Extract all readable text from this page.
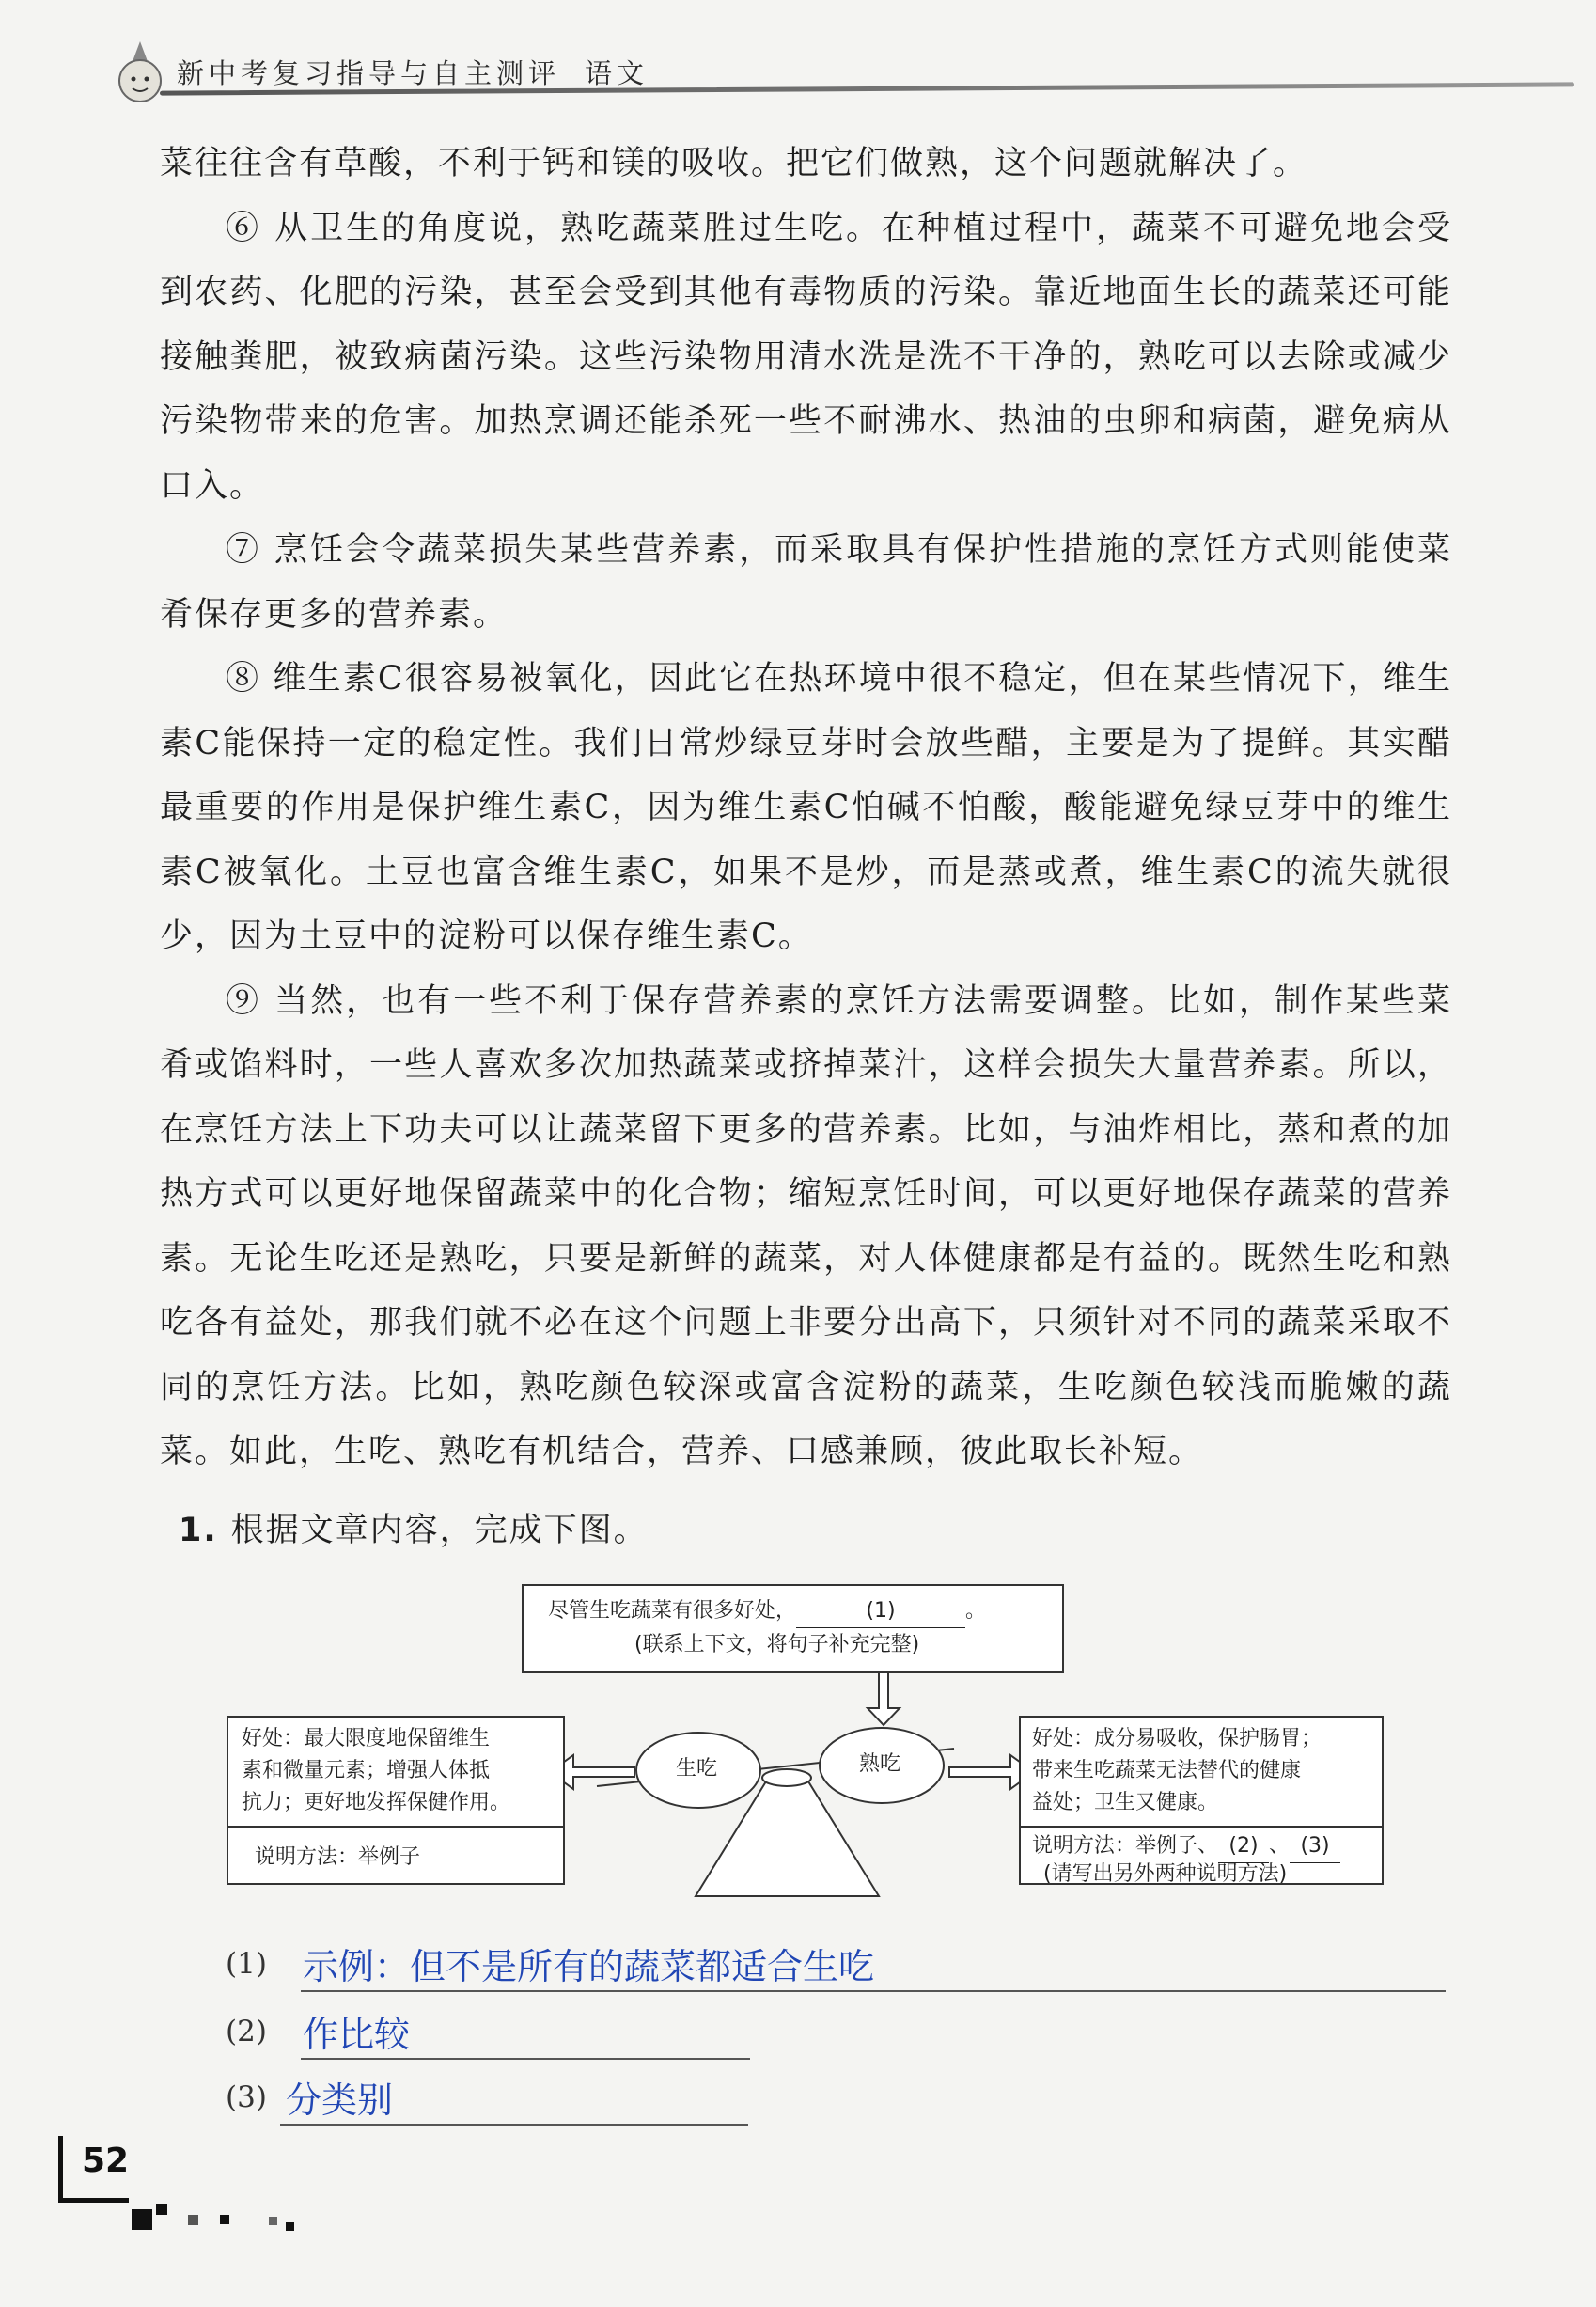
新中考复习指导与自主测评 语文

菜往往含有草酸，不利于钙和镁的吸收。把它们做熟，这个问题就解决了。

⑥ 从卫生的角度说，熟吃蔬菜胜过生吃。在种植过程中，蔬菜不可避免地会受到农药、化肥的污染，甚至会受到其他有毒物质的污染。靠近地面生长的蔬菜还可能接触粪肥，被致病菌污染。这些污染物用清水洗是洗不干净的，熟吃可以去除或减少污染物带来的危害。加热烹调还能杀死一些不耐沸水、热油的虫卵和病菌，避免病从口入。

⑦ 烹饪会令蔬菜损失某些营养素，而采取具有保护性措施的烹饪方式则能使菜肴保存更多的营养素。

⑧ 维生素C很容易被氧化，因此它在热环境中很不稳定，但在某些情况下，维生素C能保持一定的稳定性。我们日常炒绿豆芽时会放些醋，主要是为了提鲜。其实醋最重要的作用是保护维生素C，因为维生素C怕碱不怕酸，酸能避免绿豆芽中的维生素C被氧化。土豆也富含维生素C，如果不是炒，而是蒸或煮，维生素C的流失就很少，因为土豆中的淀粉可以保存维生素C。

⑨ 当然，也有一些不利于保存营养素的烹饪方法需要调整。比如，制作某些菜肴或馅料时，一些人喜欢多次加热蔬菜或挤掉菜汁，这样会损失大量营养素。所以，在烹饪方法上下功夫可以让蔬菜留下更多的营养素。比如，与油炸相比，蒸和煮的加热方式可以更好地保留蔬菜中的化合物；缩短烹饪时间，可以更好地保存蔬菜的营养素。无论生吃还是熟吃，只要是新鲜的蔬菜，对人体健康都是有益的。既然生吃和熟吃各有益处，那我们就不必在这个问题上非要分出高下，只须针对不同的蔬菜采取不同的烹饪方法。比如，熟吃颜色较深或富含淀粉的蔬菜，生吃颜色较浅而脆嫩的蔬菜。如此，生吃、熟吃有机结合，营养、口感兼顾，彼此取长补短。

1. 根据文章内容，完成下图。
尽管生吃蔬菜有很多好处，	(1)	。
(联系上下文，将句子补充完整)
好处：最大限度地保留维生
素和微量元素；增强人体抵
抗力；更好地发挥保健作用。
说明方法：举例子
生吃	熟吃
好处：成分易吸收，保护肠胃；
带来生吃蔬菜无法替代的健康
益处；卫生又健康。
说明方法：举例子、 (2) 、 (3)
(请写出另外两种说明方法)
(1) 示例：但不是所有的蔬菜都适合生吃
(2) 作比较
(3) 分类别
52
